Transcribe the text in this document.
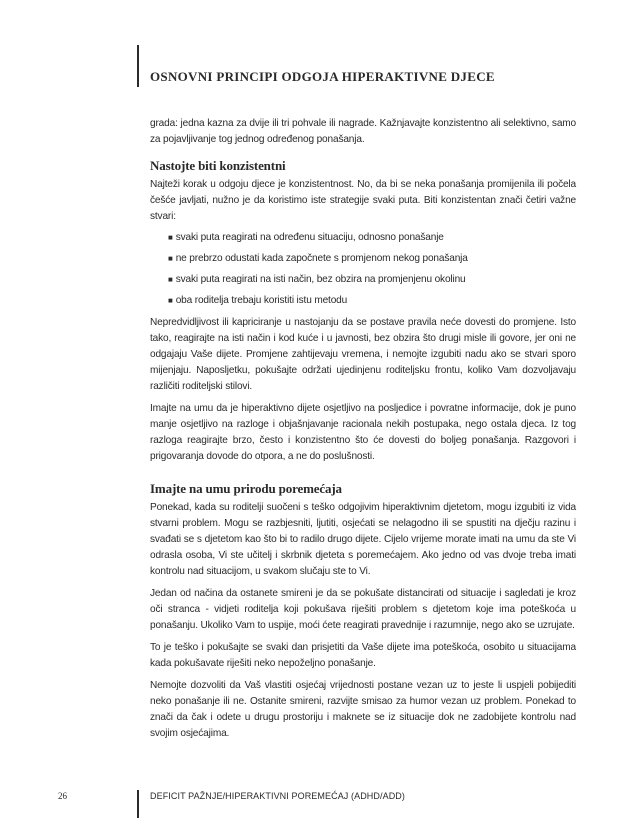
OSNOVNI PRINCIPI ODGOJA HIPERAKTIVNE DJECE

grada: jedna kazna za dvije ili tri pohvale ili nagrade. Kažnjavajte konzistentno ali selektivno, samo za pojavljivanje tog jednog određenog ponašanja.

Nastojte biti konzistentni

Najteži korak u odgoju djece je konzistentnost. No, da bi se neka ponašanja promijenila ili počela češće javljati, nužno je da koristimo iste strategije svaki puta. Biti konzistentan znači četiri važne stvari:

■ svaki puta reagirati na određenu situaciju, odnosno ponašanje
■ ne prebrzo odustati kada započnete s promjenom nekog ponašanja
■ svaki puta reagirati na isti način, bez obzira na promjenjenu okolinu
■ oba roditelja trebaju koristiti istu metodu

Nepredvidljivost ili kapriciranje u nastojanju da se postave pravila neće dovesti do promjene. Isto tako, reagirajte na isti način i kod kuće i u javnosti, bez obzira što drugi misle ili govore, jer oni ne odgajaju Vaše dijete. Promjene zahtijevaju vremena, i nemojte izgubiti nadu ako se stvari sporo mijenjaju. Naposljetku, pokušajte održati ujedinjenu roditeljsku frontu, koliko Vam dozvoljavaju različiti roditeljski stilovi.

Imajte na umu da je hiperaktivno dijete osjetljivo na posljedice i povratne informacije, dok je puno manje osjetljivo na razloge i objašnjavanje racionala nekih postupaka, nego ostala djeca. Iz tog razloga reagirajte brzo, često i konzistentno što će dovesti do boljeg ponašanja. Razgovori i prigovaranja dovode do otpora, a ne do poslušnosti.

Imajte na umu prirodu poremećaja

Ponekad, kada su roditelji suočeni s teško odgojivim hiperaktivnim djetetom, mogu izgubiti iz vida stvarni problem. Mogu se razbjesniti, ljutiti, osjećati se nelagodno ili se spustiti na dječju razinu i svađati se s djetetom kao što bi to radilo drugo dijete. Cijelo vrijeme morate imati na umu da ste Vi odrasla osoba, Vi ste učitelj i skrbnik djeteta s poremećajem. Ako jedno od vas dvoje treba imati kontrolu nad situacijom, u svakom slučaju ste to Vi.

Jedan od načina da ostanete smireni je da se pokušate distancirati od situacije i sagledati je kroz oči stranca - vidjeti roditelja koji pokušava riješiti problem s djetetom koje ima poteškoća u ponašanju. Ukoliko Vam to uspije, moći ćete reagirati pravednije i razumnije, nego ako se uzrujate.

To je teško i pokušajte se svaki dan prisjetiti da Vaše dijete ima poteškoća, osobito u situacijama kada pokušavate riješiti neko nepoželjno ponašanje.

Nemojte dozvoliti da Vaš vlastiti osjećaj vrijednosti postane vezan uz to jeste li uspjeli pobijediti neko ponašanje ili ne. Ostanite smireni, razvijte smisao za humor vezan uz problem. Ponekad to znači da čak i odete u drugu prostoriju i maknete se iz situacije dok ne zadobijete kontrolu nad svojim osjećajima.

26	DEFICIT PAŽNJE/HIPERAKTIVNI POREMEĆAJ (ADHD/ADD)
